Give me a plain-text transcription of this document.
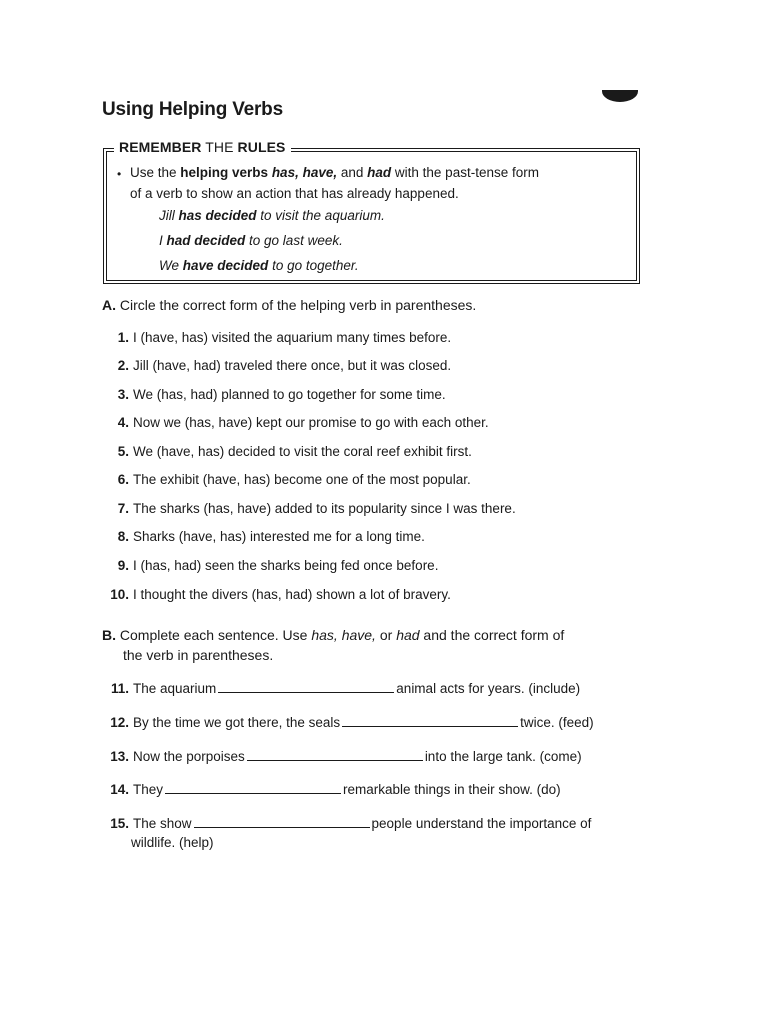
Using Helping Verbs
REMEMBER THE RULES
• Use the helping verbs has, have, and had with the past-tense form
of a verb to show an action that has already happened.
Jill has decided to visit the aquarium.
I had decided to go last week.
We have decided to go together.
A. Circle the correct form of the helping verb in parentheses.
1. I (have, has) visited the aquarium many times before.
2. Jill (have, had) traveled there once, but it was closed.
3. We (has, had) planned to go together for some time.
4. Now we (has, have) kept our promise to go with each other.
5. We (have, has) decided to visit the coral reef exhibit first.
6. The exhibit (have, has) become one of the most popular.
7. The sharks (has, have) added to its popularity since I was there.
8. Sharks (have, has) interested me for a long time.
9. I (has, had) seen the sharks being fed once before.
10. I thought the divers (has, had) shown a lot of bravery.
B. Complete each sentence. Use has, have, or had and the correct form of
the verb in parentheses.
11. The aquarium	animal acts for years. (include)
12. By the time we got there, the seals	twice. (feed)
13. Now the porpoises	into the large tank. (come)
14. They	remarkable things in their show. (do)
15. The show	people understand the importance of
wildlife. (help)
